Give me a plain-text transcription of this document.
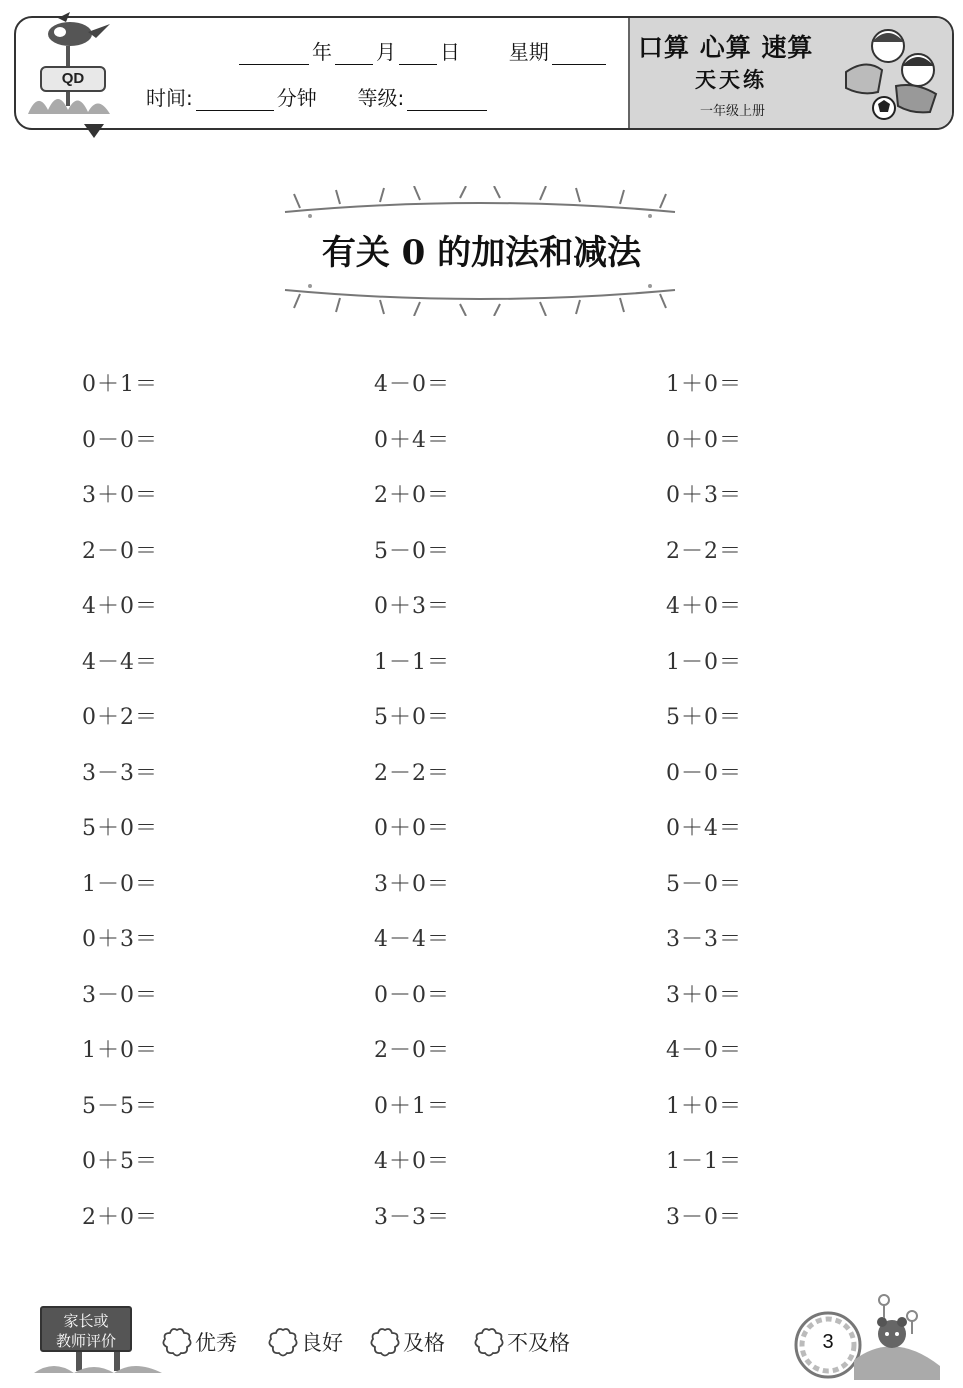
QD
年 月 日 星期
时间:	分钟 等级:
口算 心算 速算
天天练
一年级上册
有关 0 的加法和减法
0＋1＝	4－0＝	1＋0＝
0－0＝	0＋4＝	0＋0＝
3＋0＝	2＋0＝	0＋3＝
2－0＝	5－0＝	2－2＝
4＋0＝	0＋3＝	4＋0＝
4－4＝	1－1＝	1－0＝
0＋2＝	5＋0＝	5＋0＝
3－3＝	2－2＝	0－0＝
5＋0＝	0＋0＝	0＋4＝
1－0＝	3＋0＝	5－0＝
0＋3＝	4－4＝	3－3＝
3－0＝	0－0＝	3＋0＝
1＋0＝	2－0＝	4－0＝
5－5＝	0＋1＝	1＋0＝
0＋5＝	4＋0＝	1－1＝
2＋0＝	3－3＝	3－0＝
家长或
教师评价	优秀	良好	及格	不及格	3
